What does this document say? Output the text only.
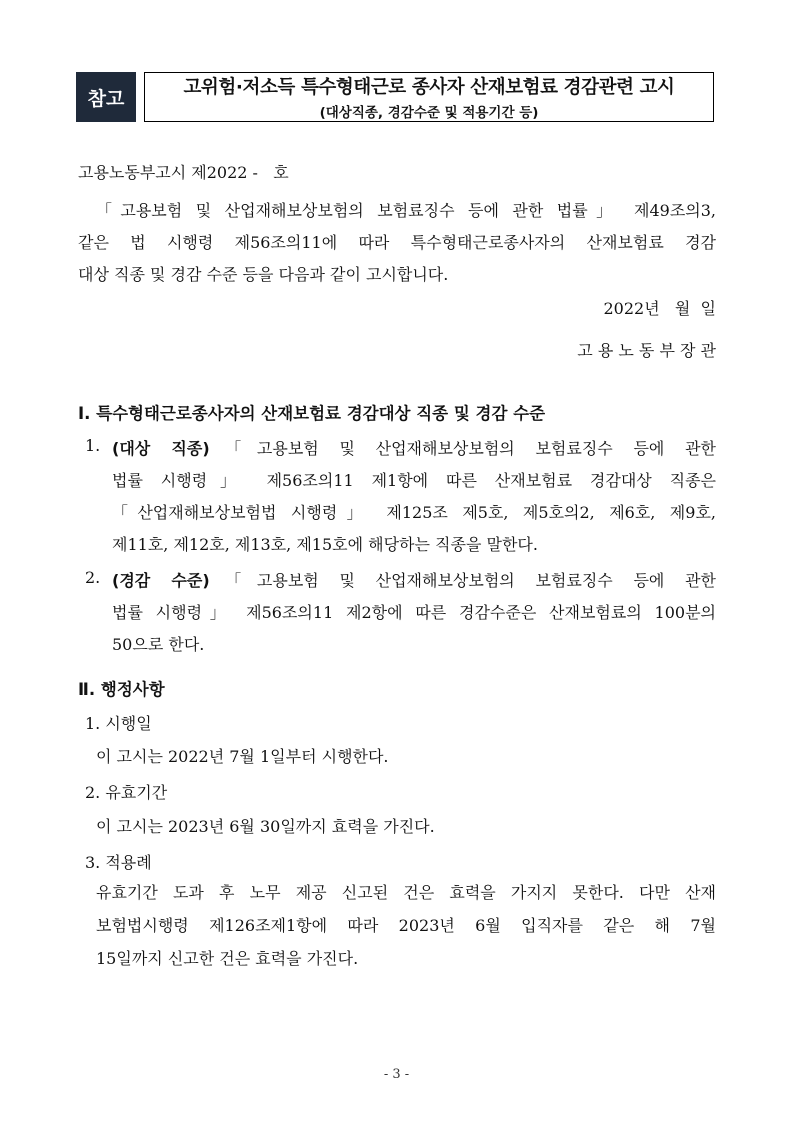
참고	고위험·저소득 특수형태근로 종사자 산재보험료 경감관련 고시
(대상직종, 경감수준 및 적용기간 등)
고용노동부고시 제2022 -   호
「고용보험 및 산업재해보상보험의 보험료징수 등에 관한 법률」 제49조의3,
같은 법 시행령 제56조의11에 따라 특수형태근로종사자의 산재보험료 경감
대상 직종 및 경감 수준 등을 다음과 같이 고시합니다.
2022년   월  일
고 용 노 동 부 장 관
Ⅰ. 특수형태근로종사자의 산재보험료 경감대상 직종 및 경감 수준
1. (대상 직종)「고용보험 및 산업재해보상보험의 보험료징수 등에 관한
법률 시행령」 제56조의11 제1항에 따른 산재보험료 경감대상 직종은
「산업재해보상보험법 시행령」 제125조 제5호, 제5호의2, 제6호, 제9호,
제11호, 제12호, 제13호, 제15호에 해당하는 직종을 말한다.
2. (경감 수준)「고용보험 및 산업재해보상보험의 보험료징수 등에 관한
법률 시행령」 제56조의11 제2항에 따른 경감수준은 산재보험료의 100분의
50으로 한다.
Ⅱ. 행정사항
1. 시행일
이 고시는 2022년 7월 1일부터 시행한다.
2. 유효기간
이 고시는 2023년 6월 30일까지 효력을 가진다.
3. 적용례
유효기간 도과 후 노무 제공 신고된 건은 효력을 가지지 못한다. 다만 산재
보험법시행령 제126조제1항에 따라 2023년 6월 입직자를 같은 해 7월
15일까지 신고한 건은 효력을 가진다.
- 3 -
